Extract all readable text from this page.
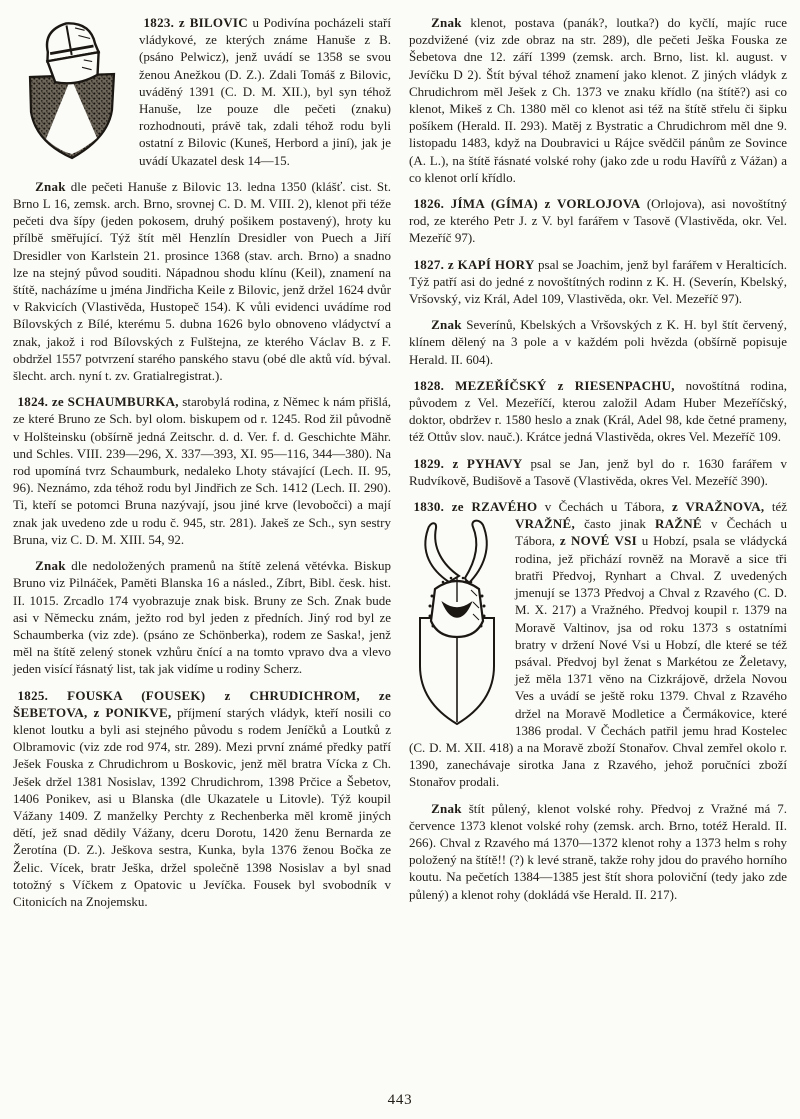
1823. z BILOVIC u Podivína pocházeli staří
vládykové, ze kterých známe Hanuše z B. (psáno Pelwicz), jenž uvádí se 1358 se svou ženou Anežkou (D. Z.). Zdali Tomáš z Bilovic, uváděný 1391 (C. D. M. XII.), byl syn téhož Hanuše, lze pouze dle pečeti (znaku) rozhodnouti, právě tak, zdali téhož rodu byli ostatní z Bilovic (Kuneš, Herbord a jiní), jak je uvádí Ukazatel desk 14—15.

Znak dle pečeti Hanuše z Bilovic 13. ledna 1350 (klášť. cist. St. Brno L 16, zemsk. arch. Brno, srovnej C. D. M. VIII. 2), klenot při téže pečeti dva šípy (jeden pokosem, druhý pošikem postavený), hroty ku přílbě směřující. Týž štít měl Henzlín Dresidler von Puech a Jiří Dresidler von Karlstein 21. prosince 1368 (stav. arch. Brno) a snadno lze na stejný původ souditi. Nápadnou shodu klínu (Keil), znamení na štítě, nacházíme u jména Jindřicha Keile z Bilovic, jenž držel 1624 dvůr v Rakvicích (Vlastivěda, Hustopeč 154). K vůli evidenci uvádíme rod Bílovských z Bílé, kterému 5. dubna 1626 bylo obnoveno vládyctví a znak, jakož i rod Bílovských z Fulštejna, ze kterého Václav B. z F. obdržel 1557 potvrzení starého panského stavu (obé dle aktů víd. býval. šlecht. arch. nyní t. zv. Gratialregistrat.).

1824. ze SCHAUMBURKA, starobylá rodina, z Němec k nám přišlá, ze které Bruno ze Sch. byl olom. biskupem od r. 1245. Rod žil původně v Holšteinsku (obšírně jedná Zeitschr. d. d. Ver. f. d. Geschichte Mähr. und Schles. VIII. 239—296, X. 337—393, XI. 95—116, 344—380). Na rod upomíná tvrz Schaumburk, nedaleko Lhoty stávající (Lech. II. 95, 96). Neznámo, zda téhož rodu byl Jindřich ze Sch. 1412 (Lech. II. 290). Ti, kteří se potomci Bruna nazývají, jsou jiné krve (levobočci) a mají znak jak uvedeno zde u rodu č. 945, str. 281). Jakeš ze Sch., syn sestry Bruna, viz C. D. M. XIII. 54, 92.

Znak dle nedoložených pramenů na štítě zelená větévka. Biskup Bruno viz Pilnáček, Paměti Blanska 16 a násled., Zíbrt, Bibl. česk. hist. II. 1015. Zrcadlo 174 vyobrazuje znak bisk. Bruny ze Sch. Znak bude asi v Německu znám, ježto rod byl jeden z předních. Jiný rod byl ze Schaumberka (viz zde). (psáno ze Schönberka), rodem ze Saska!, jenž měl na štítě zelený stonek vzhůru čnící a na tomto vpravo dva a vlevo jeden visící řásnatý list, tak jak vidíme u rodiny Scherz.

1825. FOUSKA (FOUSEK) z CHRUDICHROM, ze ŠEBETOVA, z PONIKVE, příjmení starých vládyk, kteří nosili co klenot loutku a byli asi stejného původu s rodem Jeníčků a Loutků z Olbramovic (viz zde rod 974, str. 289). Mezi první známé předky patří Ješek Fouska z Chrudichrom u Boskovic, jenž měl bratra Vícka z Ch. Ješek držel 1381 Nosislav, 1392 Chrudichrom, 1398 Prčice a Šebetov, 1406 Ponikev, asi u Blanska (dle Ukazatele u Litovle). Týž koupil Vážany 1409. Z manželky Perchty z Rechenberka měl kromě jiných dětí, jež snad dědily Vážany, dceru Dorotu, 1420 ženu Bernarda ze Žerotína (D. Z.). Ješkova sestra, Kunka, byla 1376 ženou Bočka ze Želic. Vícek, bratr Ješka, držel společně 1398 Nosislav a byl snad totožný s Víčkem z Opatovic u Jevíčka. Fousek byl svobodník v Citonicích na Znojemsku.

Znak klenot, postava (panák?, loutka?) do kyčlí, majíc ruce pozdvižené (viz zde obraz na str. 289), dle pečeti Ješka Fouska ze Šebetova dne 12. září 1399 (zemsk. arch. Brno, list. kl. august. v Jevíčku D 2). Štít býval téhož znamení jako klenot. Z jiných vládyk z Chrudichrom měl Ješek z Ch. 1373 ve znaku křídlo (na štítě?) asi co klenot, Mikeš z Ch. 1380 měl co klenot asi též na štítě střelu či šipku pošíkem (Herald. II. 293). Matěj z Bystratic a Chrudichrom měl dne 9. listopadu 1483, když na Doubravici u Rájce svědčil pánům ze Sovince (A. L.), na štítě řásnaté volské rohy (jako zde u rodu Havířů z Vážan) a co klenot orlí křídlo.

1826. JÍMA (GÍMA) z VORLOJOVA (Orlojova), asi novoštítný rod, ze kterého Petr J. z V. byl farářem v Tasově (Vlastivěda, okr. Vel. Mezeříč 97).

1827. z KAPÍ HORY psal se Joachim, jenž byl farářem v Heralticích. Týž patří asi do jedné z novoštítných rodinn z K. H. (Severín, Kbelský, Vršovský, viz Král, Adel 109, Vlastivěda, okr. Vel. Mezeříč 97).

Znak Severínů, Kbelských a Vršovských z K. H. byl štít červený, klínem dělený na 3 pole a v každém poli hvězda (obšírně popisuje Herald. II. 604).

1828. MEZEŘÍČSKÝ z RIESENPACHU, novoštítná rodina, původem z Vel. Mezeříčí, kterou založil Adam Huber Mezeříčský, doktor, obdržev r. 1580 heslo a znak (Král, Adel 98, kde četné prameny, též Ottův slov. nauč.). Krátce jedná Vlastivěda, okres Vel. Mezeříč 109.

1829. z PYHAVY psal se Jan, jenž byl do r. 1630 farářem v Rudvíkově, Budišově a Tasově (Vlastivěda, okres Vel. Mezeříč 390).

1830. ze RZAVÉHO v Čechách u Tábora, z VRAŽNOVA,
též VRAŽNÉ, často jinak RAŽNÉ v Čechách u Tábora, z NOVÉ VSI u Hobzí, psala se vládycká rodina, jež přichází rovněž na Moravě a sice tři bratři Předvoj, Rynhart a Chval. Z uvedených jmenují se 1373 Předvoj a Chval z Rzavého (C. D. M. X. 217) a Vražného. Předvoj koupil r. 1379 na Moravě Valtinov, jsa od roku 1373 s ostatními bratry v držení Nové Vsi u Hobzí, dle které se též psával. Předvoj byl ženat s Markétou ze Želetavy, jež měla 1371 věno na Cizkrájově, držela Novou Ves a uvádí se ještě roku 1379. Chval z Rzavého držel na Moravě Modletice a Čermákovice, které 1386 prodal. V Čechách patřil jemu hrad Kostelec (C. D. M. XII. 418) a na Moravě zboží Stonařov. Chval zemřel okolo r. 1390, zanechávaje sirotka Jana z Rzavého, jehož poručníci zboží Stonařov prodali.

Znak štít půlený, klenot volské rohy. Předvoj z Vražné má 7. července 1373 klenot volské rohy (zemsk. arch. Brno, totéž Herald. II. 266). Chval z Rzavého má 1370—1372 klenot rohy a 1373 helm s rohy položený na štítě!! (?) k levé straně, takže rohy jdou do pravého horního koutu. Na pečetích 1384—1385 jest štít shora poloviční (tedy jako zde půlený) a klenot rohy (dokládá vše Herald. II. 217).

443
